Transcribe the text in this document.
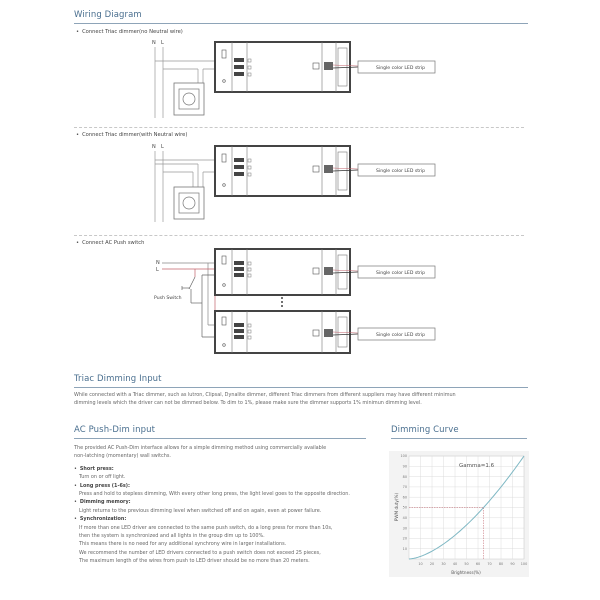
Wiring Diagram
• Connect Triac dimmer(no Neutral wire)
N L
Single color LED strip
• Connect Triac dimmer(with Neutral wire)
N L
Single color LED strip
• Connect AC Push switch
N
L
Push Switch
Single color LED strip
Single color LED strip
Triac Dimming Input
While connected with a Triac dimmer, such as lutron, Clipsal, Dynalite dimmer, different Triac dimmers from different suppliers may have different minimun
dimming levels which the driver can not be dimmed below. To dim to 1%, please make sure the dimmer supports 1% minimun dimming level.
AC Push-Dim input
The provided AC Push-Dim interface allows for a simple dimming method using commercially available
non-latching (momentary) wall switchs.
• Short press:
Turn on or off light.
• Long press (1-6s):
Press and hold to stepless dimming, With every other long press, the light level goes to the opposite direction.
• Dimming memory:
Light returns to the previous dimming level when switched off and on again, even at power failure.
• Synchronization:
If more than one LED driver are connected to the same push switch, do a long press for more than 10s,
then the system is synchronized and all lights in the group dim up to 100%.
This means there is no need for any additional synchrony wire in larger installations.
We recommend the number of LED drivers connected to a push switch does not exceed 25 pieces,
The maximum length of the wires from push to LED driver should be no more than 20 meters.
Dimming Curve
10 20 30 40 50 60 70 80 90 100
10
20
30
40
50
60
70
80
90
100
Gamma=1.6
Brightness(%)
PWM duty(%)
